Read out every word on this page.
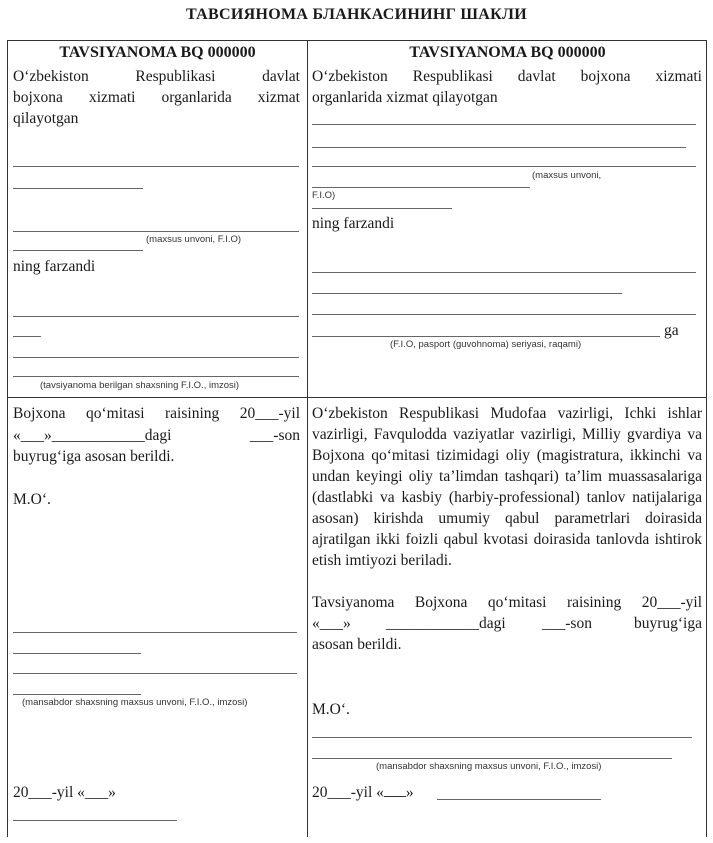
ТАВСИЯНОМА БЛАНКАСИНИНГ ШАКЛИ
TAVSIYANOMA BQ 000000
O‘zbekiston Respublikasi davlat
bojxona xizmati organlarida xizmat
qilayotgan
(maxsus unvoni, F.I.O)
ning farzandi
(tavsiyanoma berilgan shaxsning F.I.O., imzosi)
Bojxona qo‘mitasi raisining 20___-yil
«___»____________dagi	___-son
buyrug‘iga asosan berildi.
M.O‘.
(mansabdor shaxsning maxsus unvoni, F.I.O., imzosi)
20___-yil «___»
TAVSIYANOMA BQ 000000
O‘zbekiston Respublikasi davlat bojxona xizmati
organlarida xizmat qilayotgan
(maxsus unvoni,
F.I.O)
ning farzandi
ga
(F.I.O, pasport (guvohnoma) seriyasi, raqami)
O‘zbekiston Respublikasi Mudofaa vazirligi, Ichki ishlar vazirligi, Favqulodda vaziyatlar vazirligi, Milliy gvardiya va Bojxona qo‘mitasi tizimidagi oliy (magistratura, ikkinchi va undan keyingi oliy ta’limdan tashqari) ta’lim muassasalariga (dastlabki va kasbiy (harbiy-professional) tanlov natijalariga asosan) kirishda umumiy qabul parametrlari doirasida ajratilgan ikki foizli qabul kvotasi doirasida tanlovda ishtirok etish imtiyozi beriladi.
Tavsiyanoma Bojxona qo‘mitasi raisining 20___-yil
«___» ____________dagi ___-son	buyrug‘iga
asosan berildi.
M.O‘.
(mansabdor shaxsning maxsus unvoni, F.I.O., imzosi)
20___-yil « »
